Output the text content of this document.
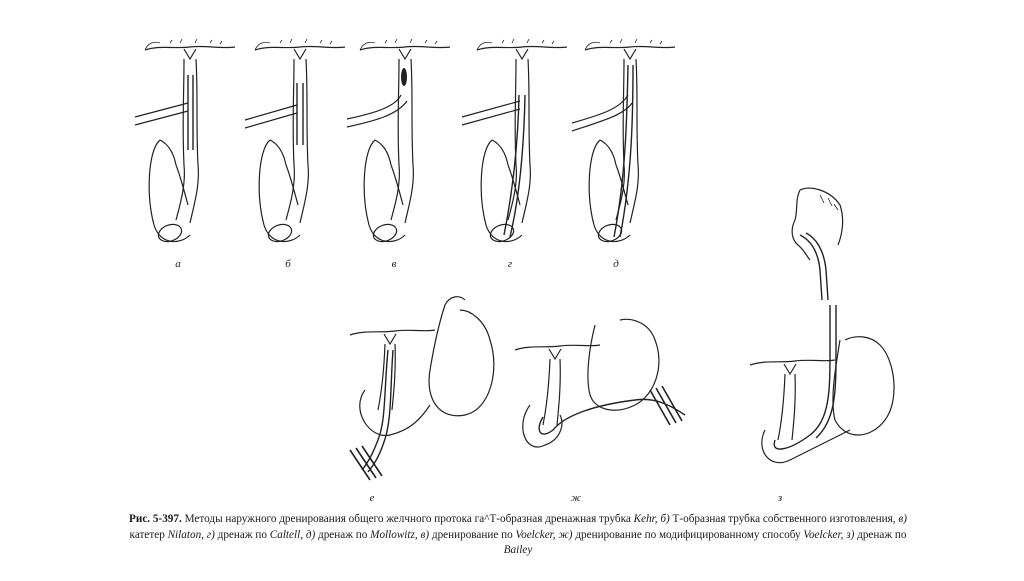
а	б	в	г	д
е	ж	з
Рис. 5-397. Методы наружного дренирования общего желчного протока га^Т-образная дренажная трубка Kehr, б) Т-образная трубка собственного изготовления, в) катетер Nilaton, г) дренаж по Caltell, д) дренаж по Mollowitz, в) дренирование по Voelcker, ж) дренирование по модифицированному способу Voelcker, з) дренаж по Bailey
